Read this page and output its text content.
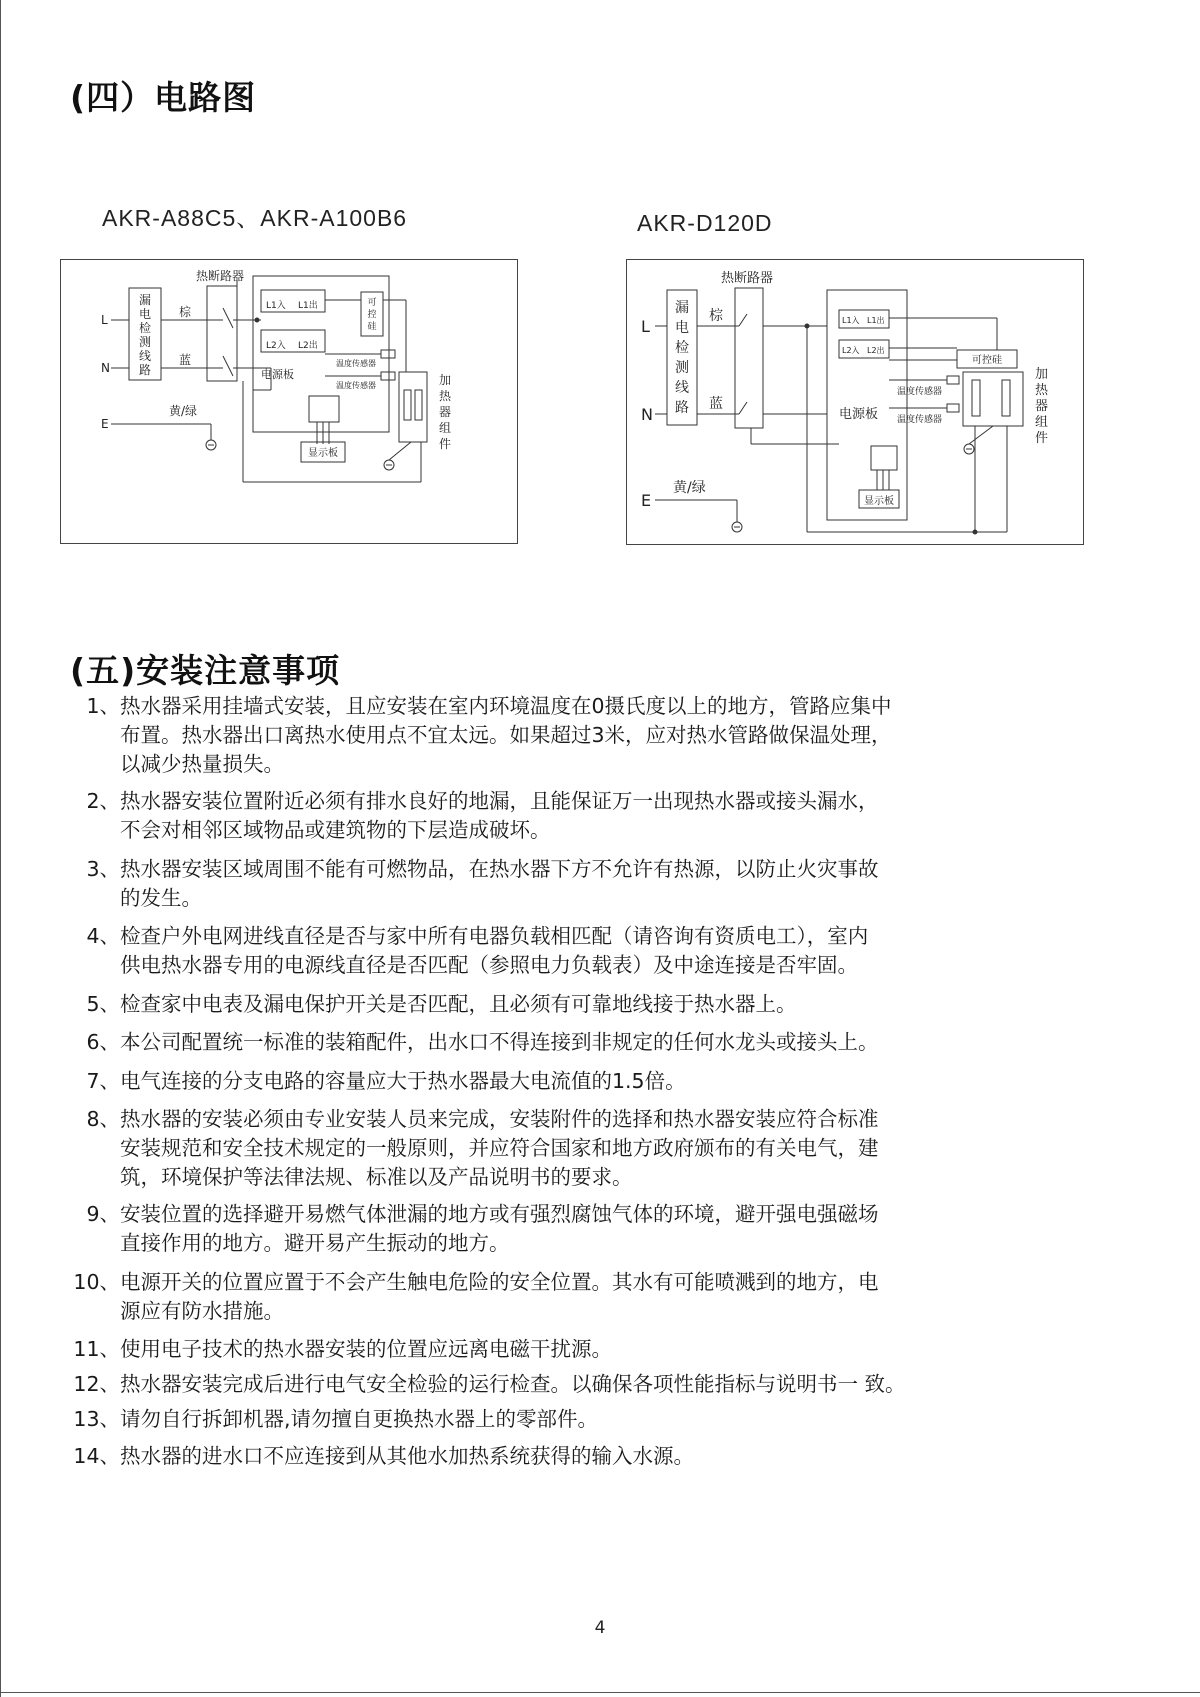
(四）电路图
AKR-A88C5、AKR-A100B6	AKR-D120D
漏
电
检
测
线
路
L
N
E
黄/绿
热断路器
棕
蓝
电源板
L1入 L1出
L2入 L2出
可
控
硅
温度传感器
温度传感器
显示板
加
热
器
组
件
漏
电
检
测
线
路
L
N
E
黄/绿
热断路器
棕
蓝
电源板
L1入 L1出
L2入 L2出
可控硅
温度传感器
温度传感器
加
热
器
组
件
显示板
(五)安装注意事项
1、 热水器采用挂墙式安装，且应安装在室内环境温度在0摄氏度以上的地方，管路应集中
布置。热水器出口离热水使用点不宜太远。如果超过3米，应对热水管路做保温处理，
以减少热量损失。
2、 热水器安装位置附近必须有排水良好的地漏，且能保证万一出现热水器或接头漏水，
不会对相邻区域物品或建筑物的下层造成破坏。
3、 热水器安装区域周围不能有可燃物品，在热水器下方不允许有热源，以防止火灾事故
的发生。
4、 检查户外电网进线直径是否与家中所有电器负载相匹配（请咨询有资质电工），室内
供电热水器专用的电源线直径是否匹配（参照电力负载表）及中途连接是否牢固。
5、 检查家中电表及漏电保护开关是否匹配，且必须有可靠地线接于热水器上。
6、 本公司配置统一标准的装箱配件，出水口不得连接到非规定的任何水龙头或接头上。
7、 电气连接的分支电路的容量应大于热水器最大电流值的1.5倍。
8、 热水器的安装必须由专业安装人员来完成，安装附件的选择和热水器安装应符合标准
安装规范和安全技术规定的一般原则，并应符合国家和地方政府颁布的有关电气，建
筑，环境保护等法律法规、标准以及产品说明书的要求。
9、 安装位置的选择避开易燃气体泄漏的地方或有强烈腐蚀气体的环境，避开强电强磁场
直接作用的地方。避开易产生振动的地方。
10、 电源开关的位置应置于不会产生触电危险的安全位置。其水有可能喷溅到的地方，电
源应有防水措施。
11、 使用电子技术的热水器安装的位置应远离电磁干扰源。
12、 热水器安装完成后进行电气安全检验的运行检查。以确保各项性能指标与说明书一 致。
13、 请勿自行拆卸机器,请勿擅自更换热水器上的零部件。
14、 热水器的进水口不应连接到从其他水加热系统获得的输入水源。
4
